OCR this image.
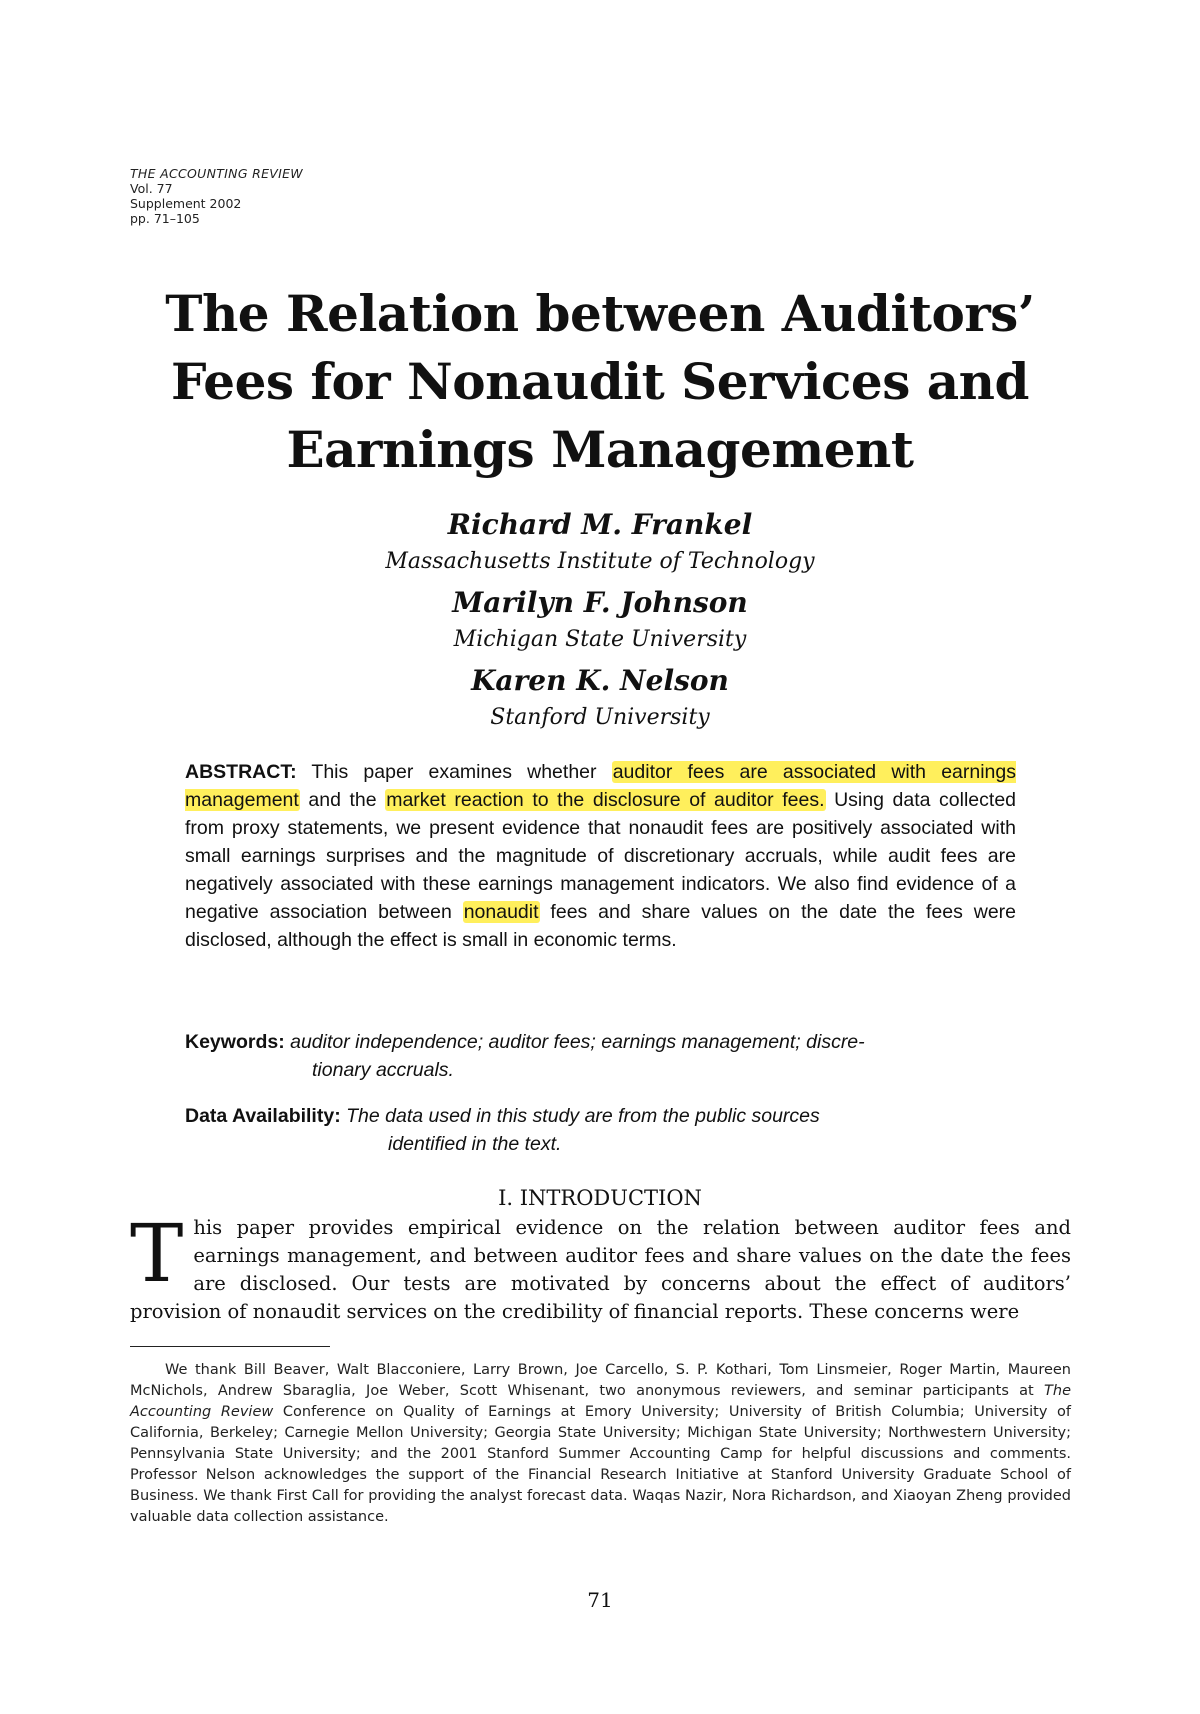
THE ACCOUNTING REVIEW
Vol. 77
Supplement 2002
pp. 71–105
The Relation between Auditors’
Fees for Nonaudit Services and
Earnings Management
Richard M. Frankel
Massachusetts Institute of Technology
Marilyn F. Johnson
Michigan State University
Karen K. Nelson
Stanford University
ABSTRACT: This paper examines whether auditor fees are associated with earnings management and the market reaction to the disclosure of auditor fees. Using data collected from proxy statements, we present evidence that nonaudit fees are positively associated with small earnings surprises and the magnitude of discretionary accruals, while audit fees are negatively associated with these earnings management indicators. We also find evidence of a negative association between nonaudit fees and share values on the date the fees were disclosed, although the effect is small in economic terms.
Keywords: auditor independence; auditor fees; earnings management; discre-
tionary accruals.
Data Availability: The data used in this study are from the public sources
identified in the text.
I. INTRODUCTION
T his paper provides empirical evidence on the relation between auditor fees and earnings management, and between auditor fees and share values on the date the fees are disclosed. Our tests are motivated by concerns about the effect of auditors’ provision of nonaudit services on the credibility of financial reports. These concerns were

We thank Bill Beaver, Walt Blacconiere, Larry Brown, Joe Carcello, S. P. Kothari, Tom Linsmeier, Roger Martin, Maureen McNichols, Andrew Sbaraglia, Joe Weber, Scott Whisenant, two anonymous reviewers, and seminar participants at The Accounting Review Conference on Quality of Earnings at Emory University; University of British Columbia; University of California, Berkeley; Carnegie Mellon University; Georgia State University; Michigan State University; Northwestern University; Pennsylvania State University; and the 2001 Stanford Summer Accounting Camp for helpful discussions and comments. Professor Nelson acknowledges the support of the Financial Research Initiative at Stanford University Graduate School of Business. We thank First Call for providing the analyst forecast data. Waqas Nazir, Nora Richardson, and Xiaoyan Zheng provided valuable data collection assistance.
71
